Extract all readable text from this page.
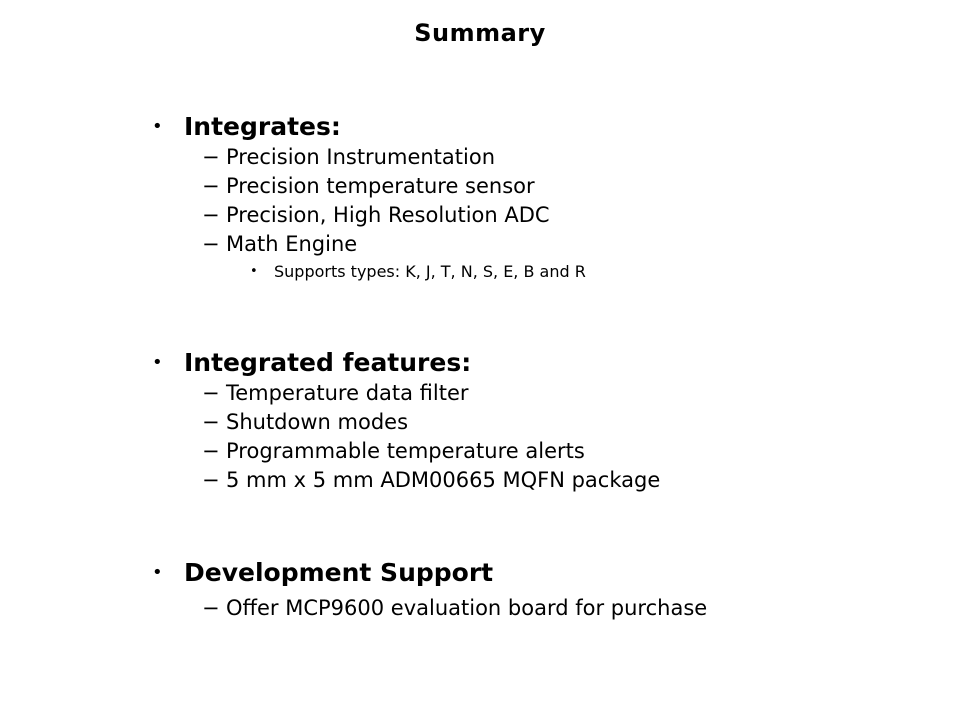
Summary
• Integrates:
− Precision Instrumentation
− Precision temperature sensor
− Precision, High Resolution ADC
− Math Engine
• Supports types: K, J, T, N, S, E, B and R
• Integrated features:
− Temperature data filter
− Shutdown modes
− Programmable temperature alerts
− 5 mm x 5 mm ADM00665 MQFN package
• Development Support
− Offer MCP9600 evaluation board for purchase
